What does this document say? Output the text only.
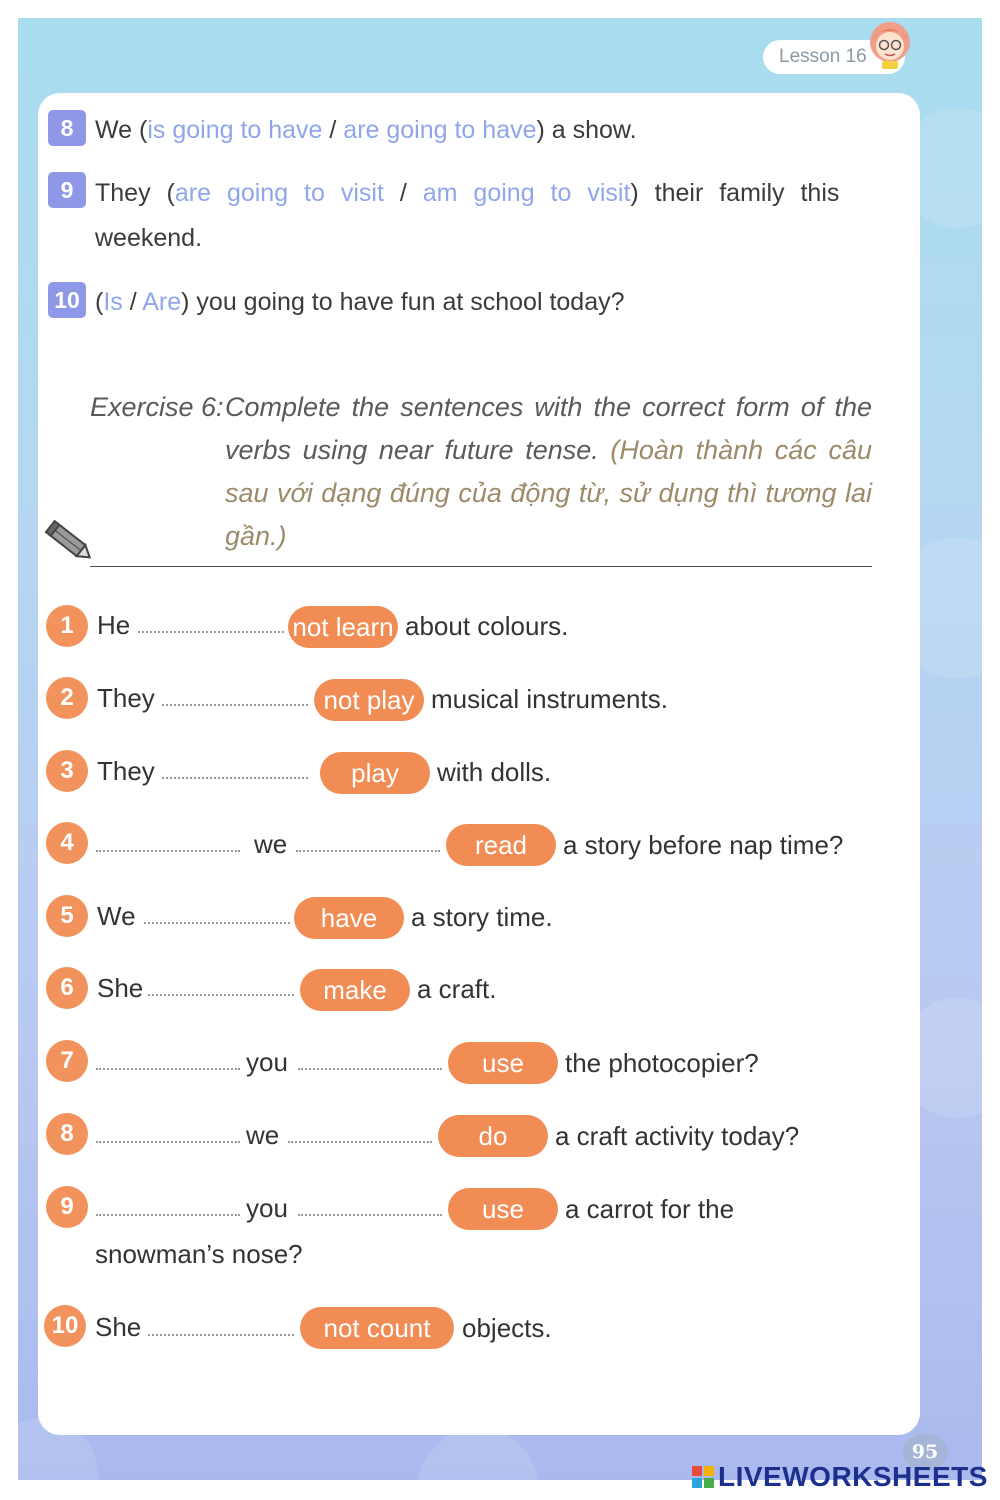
Lesson 16
8 We (is going to have / are going to have) a show.
9 They (are going to visit / am going to visit) their family this
weekend.
10 (Is / Are) you going to have fun at school today?
Exercise 6: Complete the sentences with the correct form of the verbs using near future tense. (Hoàn thành các câu sau với dạng đúng của động từ, sử dụng thì tương lai gần.)
1 He	not learn about colours.
2 They	not play musical instruments.
3 They	play	with dolls.
4	we	read	a story before nap time?
5 We	have	a story time.
6 She	make	a craft.
7	you	use	the photocopier?
8	we	do	a craft activity today?
9	you	use	a carrot for the
snowman’s nose?
10 She	not count	objects.
95
LIVEWORKSHEETS
